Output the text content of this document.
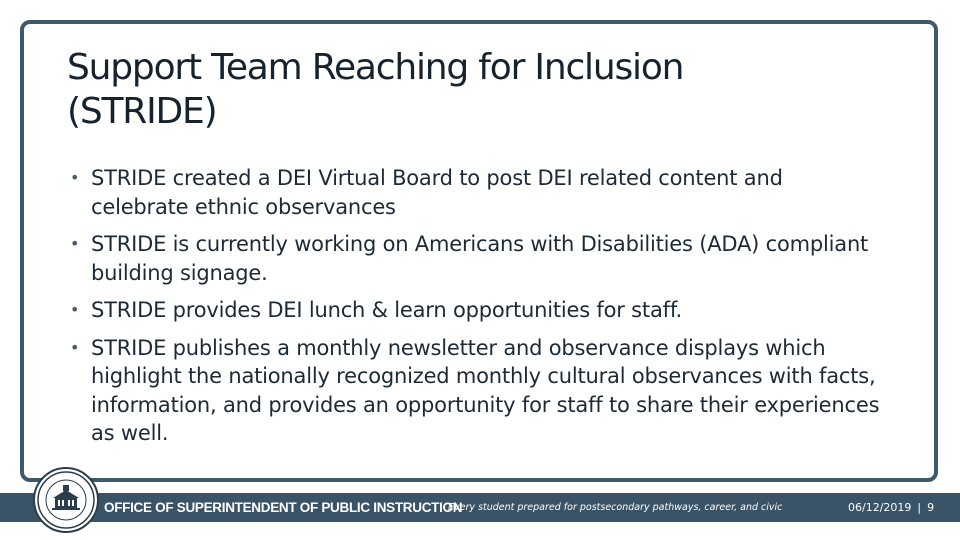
Support Team Reaching for Inclusion
(STRIDE)
• STRIDE created a DEI Virtual Board to post DEI related content and celebrate ethnic observances
• STRIDE is currently working on Americans with Disabilities (ADA) compliant building signage.
• STRIDE provides DEI lunch & learn opportunities for staff.
• STRIDE publishes a monthly newsletter and observance displays which highlight the nationally recognized monthly cultural observances with facts, information, and provides an opportunity for staff to share their experiences as well.
OFFICE OF SUPERINTENDENT OF PUBLIC INSTRUCTION
Every student prepared for postsecondary pathways, career, and civic
engagement.
06/12/2019 | 9
